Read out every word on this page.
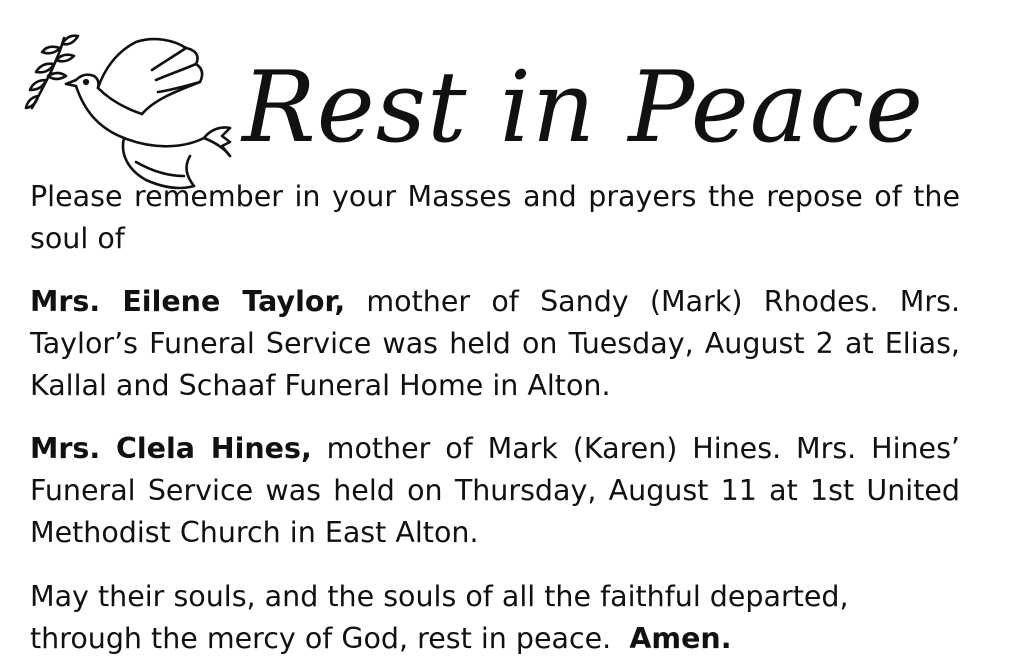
Rest in Peace

Please remember in your Masses and prayers the repose of the soul of

Mrs. Eilene Taylor, mother of Sandy (Mark) Rhodes. Mrs. Taylor’s Funeral Service was held on Tuesday, August 2 at Elias, Kallal and Schaaf Funeral Home in Alton.

Mrs. Clela Hines, mother of Mark (Karen) Hines. Mrs. Hines’ Funeral Service was held on Thursday, August 11 at 1st United Methodist Church in East Alton.

May their souls, and the souls of all the faithful departed, through the mercy of God, rest in peace.  Amen.
